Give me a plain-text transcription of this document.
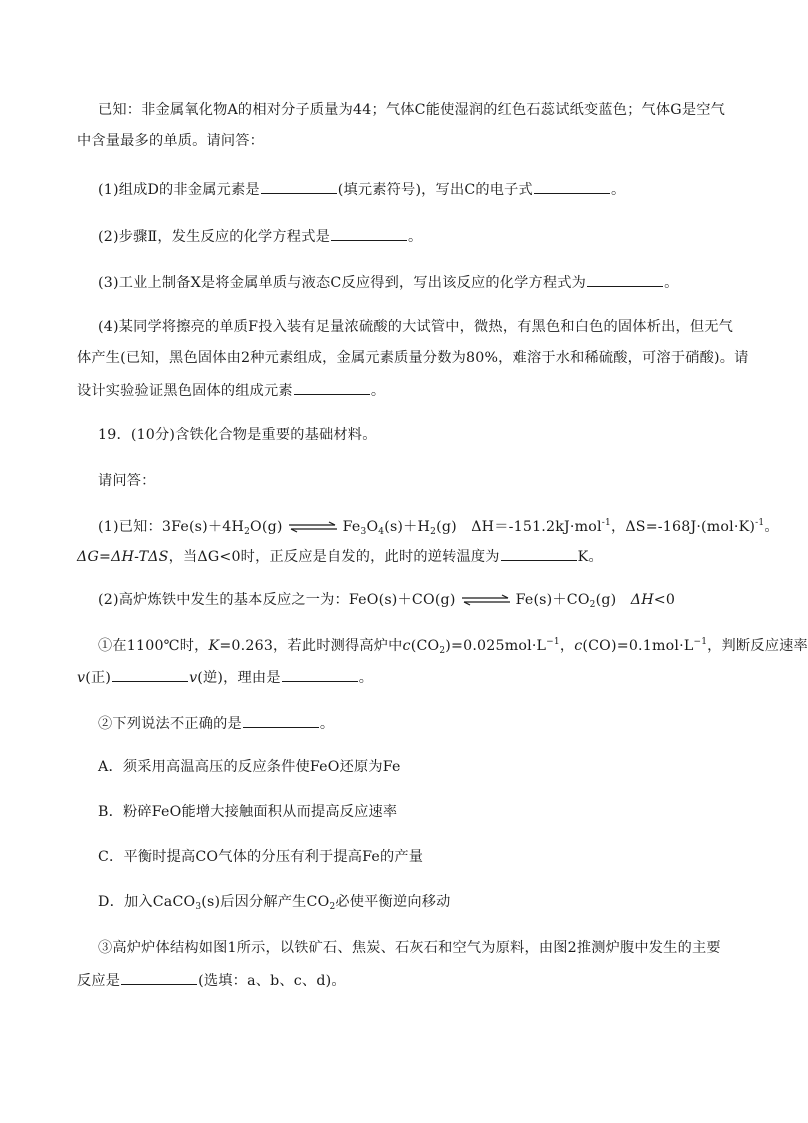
已知：非金属氧化物A的相对分子质量为44；气体C能使湿润的红色石蕊试纸变蓝色；气体G是空气
中含量最多的单质。请问答：
(1)组成D的非金属元素是	(填元素符号)，写出C的电子式	。
(2)步骤Ⅱ，发生反应的化学方程式是	。
(3)工业上制备X是将金属单质与液态C反应得到，写出该反应的化学方程式为	。
(4)某同学将擦亮的单质F投入装有足量浓硫酸的大试管中，微热，有黑色和白色的固体析出，但无气
体产生(已知，黑色固体由2种元素组成，金属元素质量分数为80%，难溶于水和稀硫酸，可溶于硝酸)。请
设计实验验证黑色固体的组成元素	。
19．(10分)含铁化合物是重要的基础材料。
请问答：
(1)已知：$3Fe(s)+4H_2O(g)$ ⇌ $Fe_3O_4(s)+H_2(g)$　ΔH＝-151.2kJ·mol$^{-1}$，$\Delta S=-168J\cdot(mol\cdot K)^{-1}$。
ΔG=ΔH-TΔS，当ΔG<0时，正反应是自发的，此时的逆转温度为	K。
(2)高炉炼铁中发生的基本反应之一为：FeO(s)＋CO(g) ⇌ $Fe(s)+CO_2(g)$　ΔH<0
①在1100℃时，K=0.263，若此时测得高炉中$c(CO_2)=0.025mol\cdot L^{-1}$，$c(CO)=0.1mol\cdot L^{-1}$，判断反应速率
v(正)	v(逆)，理由是	。
②下列说法不正确的是	。
A．须采用高温高压的反应条件使FeO还原为Fe
B．粉碎FeO能增大接触面积从而提高反应速率
C．平衡时提高CO气体的分压有利于提高Fe的产量
D．加入CaCO$_3$(s)后因分解产生$CO_2$必使平衡逆向移动
③高炉炉体结构如图1所示，以铁矿石、焦炭、石灰石和空气为原料，由图2推测炉腹中发生的主要
反应是	(选填：a、b、c、d)。
